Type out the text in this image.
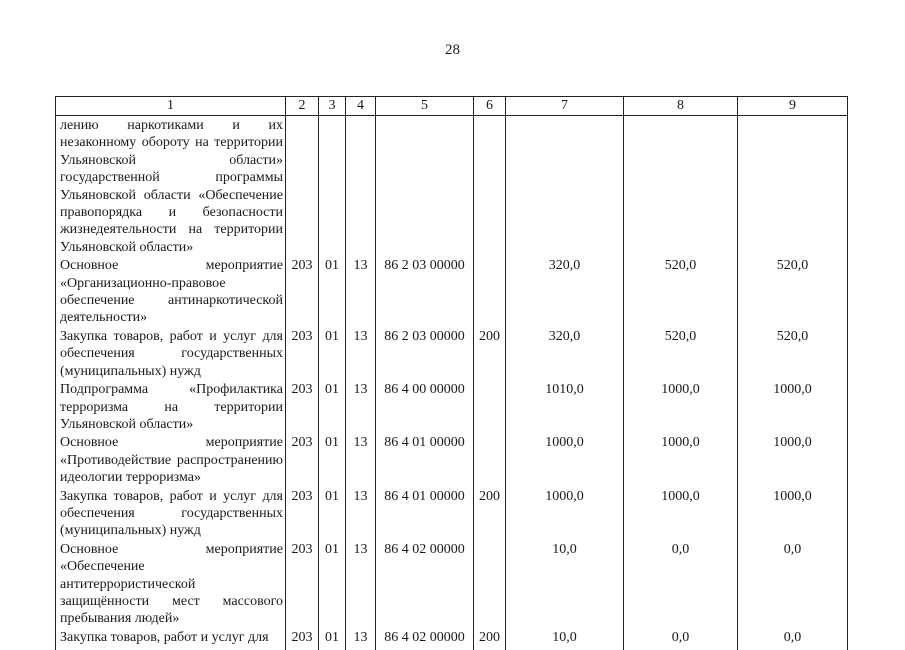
28
1	2	3	4	5	6	7	8	9
лению наркотиками и их незаконному обороту на территории Ульяновской области» государственной программы Ульяновской области «Обеспечение правопорядка и безопасности жизнедеятельности на территории Ульяновской области»								
Основное мероприятие «Организационно-правовое обеспечение антинаркотической деятельности»	203	01	13	86 2 03 00000		320,0	520,0	520,0
Закупка товаров, работ и услуг для обеспечения государственных (муниципальных) нужд	203	01	13	86 2 03 00000	200	320,0	520,0	520,0
Подпрограмма «Профилактика терроризма на территории Ульяновской области»	203	01	13	86 4 00 00000		1010,0	1000,0	1000,0
Основное мероприятие «Противодействие распространению идеологии терроризма»	203	01	13	86 4 01 00000		1000,0	1000,0	1000,0
Закупка товаров, работ и услуг для обеспечения государственных (муниципальных) нужд	203	01	13	86 4 01 00000	200	1000,0	1000,0	1000,0
Основное мероприятие «Обеспечение антитеррористической защищённости мест массового пребывания людей»	203	01	13	86 4 02 00000		10,0	0,0	0,0
Закупка товаров, работ и услуг для	203	01	13	86 4 02 00000	200	10,0	0,0	0,0
